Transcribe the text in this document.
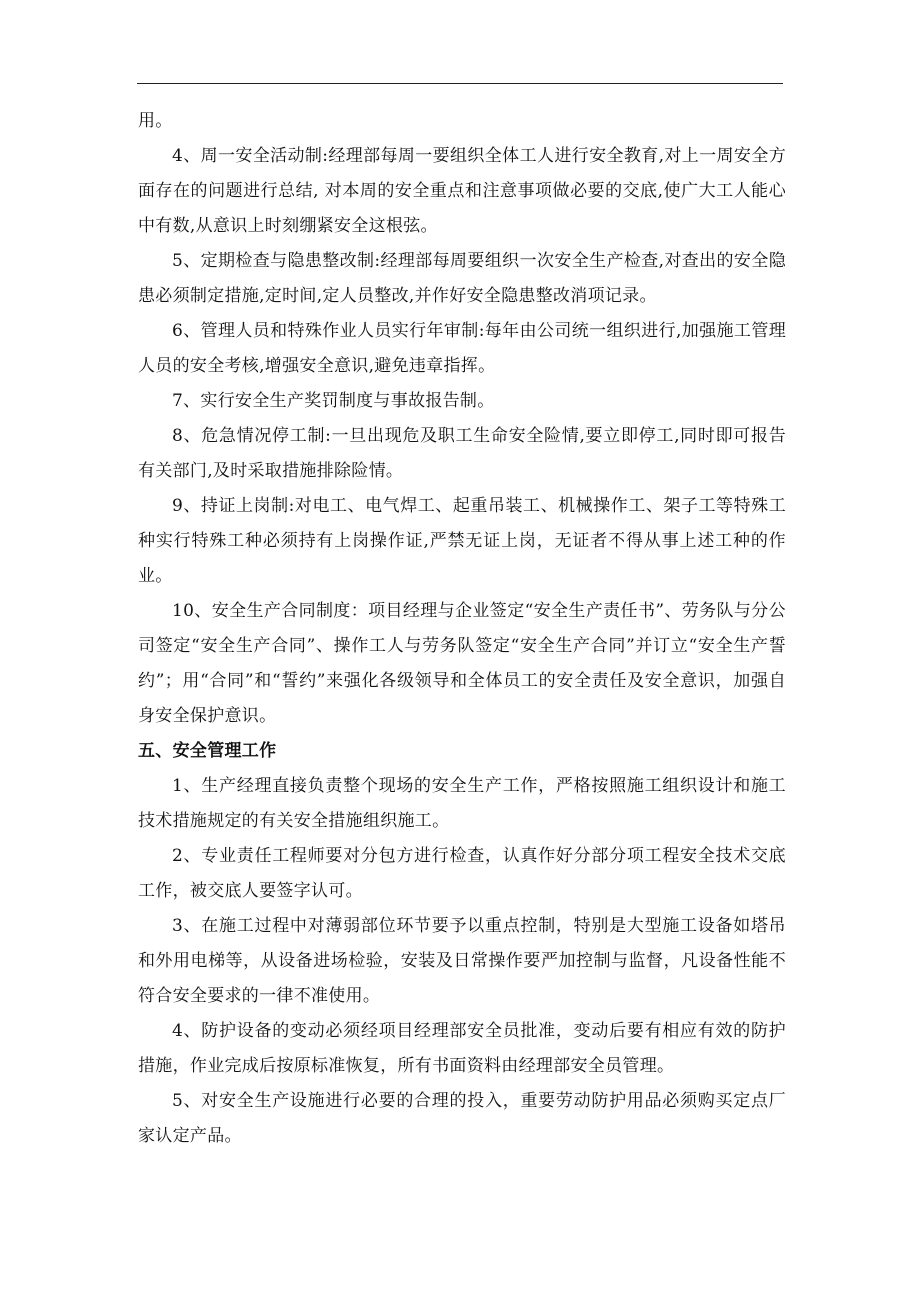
用。

4、周一安全活动制:经理部每周一要组织全体工人进行安全教育,对上一周安全方面存在的问题进行总结, 对本周的安全重点和注意事项做必要的交底,使广大工人能心中有数,从意识上时刻绷紧安全这根弦。

5、定期检查与隐患整改制:经理部每周要组织一次安全生产检查,对查出的安全隐患必须制定措施,定时间,定人员整改,并作好安全隐患整改消项记录。

6、管理人员和特殊作业人员实行年审制:每年由公司统一组织进行,加强施工管理人员的安全考核,增强安全意识,避免违章指挥。

7、实行安全生产奖罚制度与事故报告制。

8、危急情况停工制:一旦出现危及职工生命安全险情,要立即停工,同时即可报告有关部门,及时采取措施排除险情。

9、持证上岗制:对电工、电气焊工、起重吊装工、机械操作工、架子工等特殊工种实行特殊工种必须持有上岗操作证,严禁无证上岗，无证者不得从事上述工种的作业。

10、安全生产合同制度：项目经理与企业签定“安全生产责任书”、劳务队与分公司签定“安全生产合同”、操作工人与劳务队签定“安全生产合同”并订立“安全生产誓约”；用“合同”和“誓约”来强化各级领导和全体员工的安全责任及安全意识，加强自身安全保护意识。

五、安全管理工作

1、生产经理直接负责整个现场的安全生产工作，严格按照施工组织设计和施工技术措施规定的有关安全措施组织施工。

2、专业责任工程师要对分包方进行检查，认真作好分部分项工程安全技术交底工作，被交底人要签字认可。

3、在施工过程中对薄弱部位环节要予以重点控制，特别是大型施工设备如塔吊和外用电梯等，从设备进场检验，安装及日常操作要严加控制与监督，凡设备性能不符合安全要求的一律不准使用。

4、防护设备的变动必须经项目经理部安全员批准，变动后要有相应有效的防护措施，作业完成后按原标准恢复，所有书面资料由经理部安全员管理。

5、对安全生产设施进行必要的合理的投入，重要劳动防护用品必须购买定点厂家认定产品。
